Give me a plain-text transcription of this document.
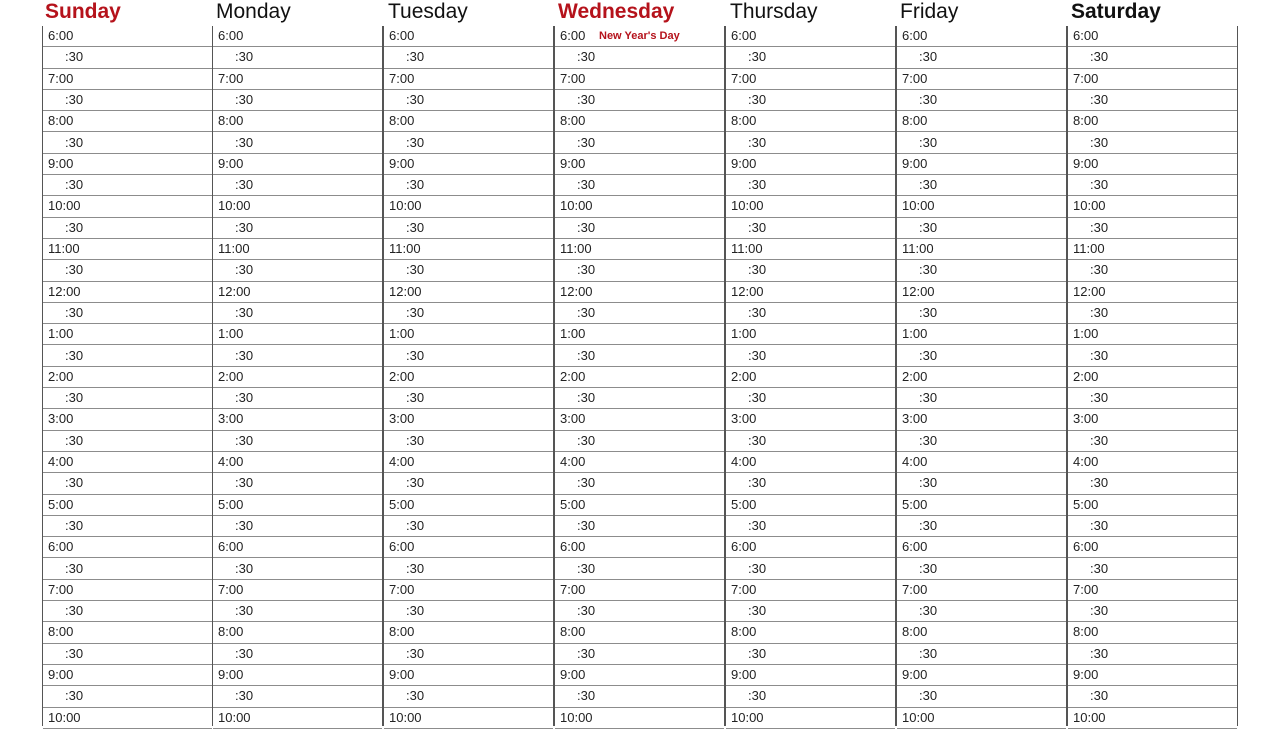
Sunday
6:00
:30
7:00
:30
8:00
:30
9:00
:30
10:00
:30
11:00
:30
12:00
:30
1:00
:30
2:00
:30
3:00
:30
4:00
:30
5:00
:30
6:00
:30
7:00
:30
8:00
:30
9:00
:30
10:00
Monday
6:00
:30
7:00
:30
8:00
:30
9:00
:30
10:00
:30
11:00
:30
12:00
:30
1:00
:30
2:00
:30
3:00
:30
4:00
:30
5:00
:30
6:00
:30
7:00
:30
8:00
:30
9:00
:30
10:00
Tuesday
6:00
:30
7:00
:30
8:00
:30
9:00
:30
10:00
:30
11:00
:30
12:00
:30
1:00
:30
2:00
:30
3:00
:30
4:00
:30
5:00
:30
6:00
:30
7:00
:30
8:00
:30
9:00
:30
10:00
Wednesday
6:00 New Year's Day
:30
7:00
:30
8:00
:30
9:00
:30
10:00
:30
11:00
:30
12:00
:30
1:00
:30
2:00
:30
3:00
:30
4:00
:30
5:00
:30
6:00
:30
7:00
:30
8:00
:30
9:00
:30
10:00
Thursday
6:00
:30
7:00
:30
8:00
:30
9:00
:30
10:00
:30
11:00
:30
12:00
:30
1:00
:30
2:00
:30
3:00
:30
4:00
:30
5:00
:30
6:00
:30
7:00
:30
8:00
:30
9:00
:30
10:00
Friday
6:00
:30
7:00
:30
8:00
:30
9:00
:30
10:00
:30
11:00
:30
12:00
:30
1:00
:30
2:00
:30
3:00
:30
4:00
:30
5:00
:30
6:00
:30
7:00
:30
8:00
:30
9:00
:30
10:00
Saturday
6:00
:30
7:00
:30
8:00
:30
9:00
:30
10:00
:30
11:00
:30
12:00
:30
1:00
:30
2:00
:30
3:00
:30
4:00
:30
5:00
:30
6:00
:30
7:00
:30
8:00
:30
9:00
:30
10:00
